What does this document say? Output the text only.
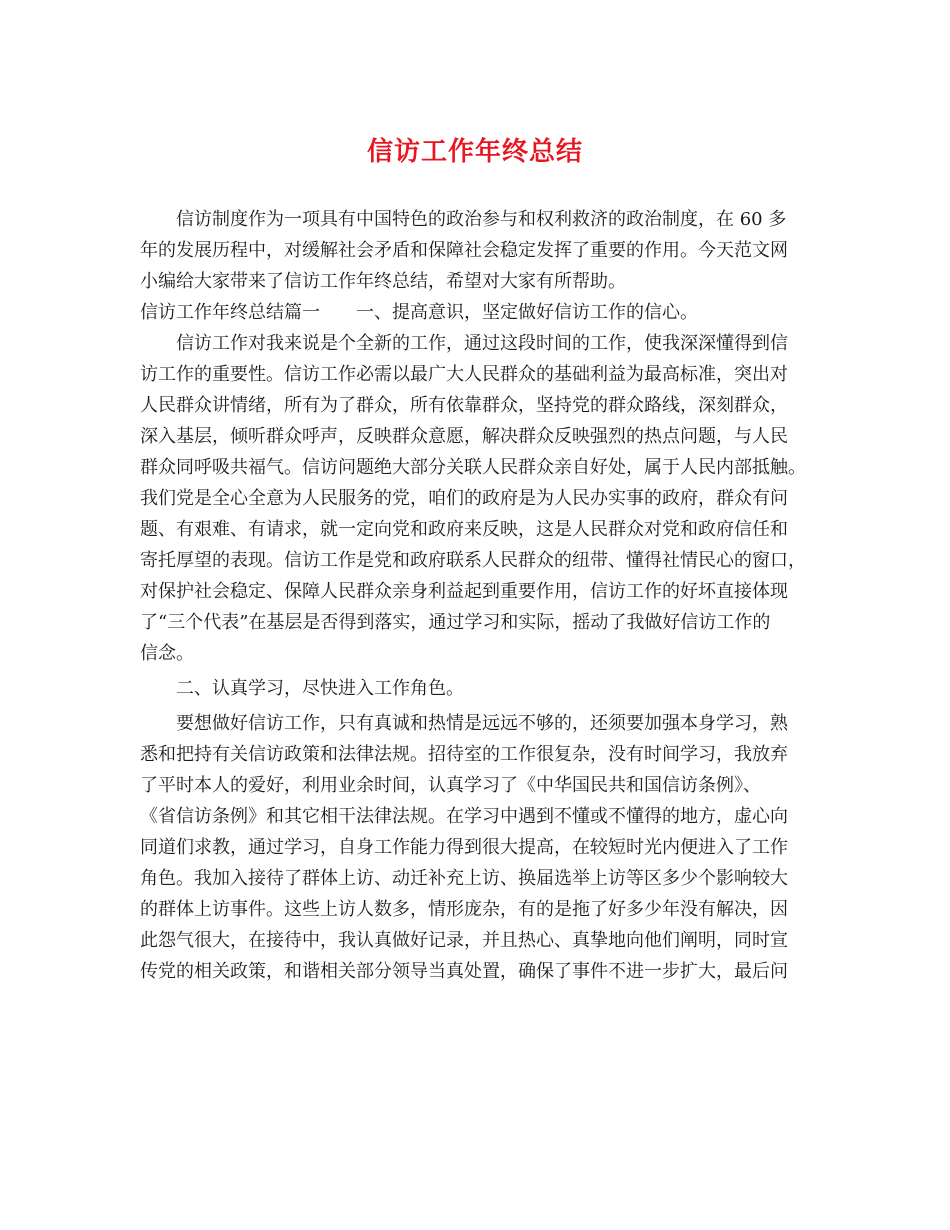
信访工作年终总结
　　信访制度作为一项具有中国特色的政治参与和权利救济的政治制度，在 60 多
年的发展历程中，对缓解社会矛盾和保障社会稳定发挥了重要的作用。今天范文网
小编给大家带来了信访工作年终总结，希望对大家有所帮助。
信访工作年终总结篇一　　一、提高意识，坚定做好信访工作的信心。
　　信访工作对我来说是个全新的工作，通过这段时间的工作，使我深深懂得到信
访工作的重要性。信访工作必需以最广大人民群众的基础利益为最高标准，突出对
人民群众讲情绪，所有为了群众，所有依靠群众，坚持党的群众路线，深刻群众，
深入基层，倾听群众呼声，反映群众意愿，解决群众反映强烈的热点问题，与人民
群众同呼吸共福气。信访问题绝大部分关联人民群众亲自好处，属于人民内部抵触。
我们党是全心全意为人民服务的党，咱们的政府是为人民办实事的政府，群众有问
题、有艰难、有请求，就一定向党和政府来反映，这是人民群众对党和政府信任和
寄托厚望的表现。信访工作是党和政府联系人民群众的纽带、懂得社情民心的窗口，
对保护社会稳定、保障人民群众亲身利益起到重要作用，信访工作的好坏直接体现
了“三个代表”在基层是否得到落实，通过学习和实际，摇动了我做好信访工作的
信念。
　　二、认真学习，尽快进入工作角色。
　　要想做好信访工作，只有真诚和热情是远远不够的，还须要加强本身学习，熟
悉和把持有关信访政策和法律法规。招待室的工作很复杂，没有时间学习，我放弃
了平时本人的爱好，利用业余时间，认真学习了《中华国民共和国信访条例》、
《省信访条例》和其它相干法律法规。在学习中遇到不懂或不懂得的地方，虚心向
同道们求教，通过学习，自身工作能力得到很大提高，在较短时光内便进入了工作
角色。我加入接待了群体上访、动迁补充上访、换届选举上访等区多少个影响较大
的群体上访事件。这些上访人数多，情形庞杂，有的是拖了好多少年没有解决，因
此怨气很大，在接待中，我认真做好记录，并且热心、真挚地向他们阐明，同时宣
传党的相关政策，和谐相关部分领导当真处置，确保了事件不进一步扩大，最后问
